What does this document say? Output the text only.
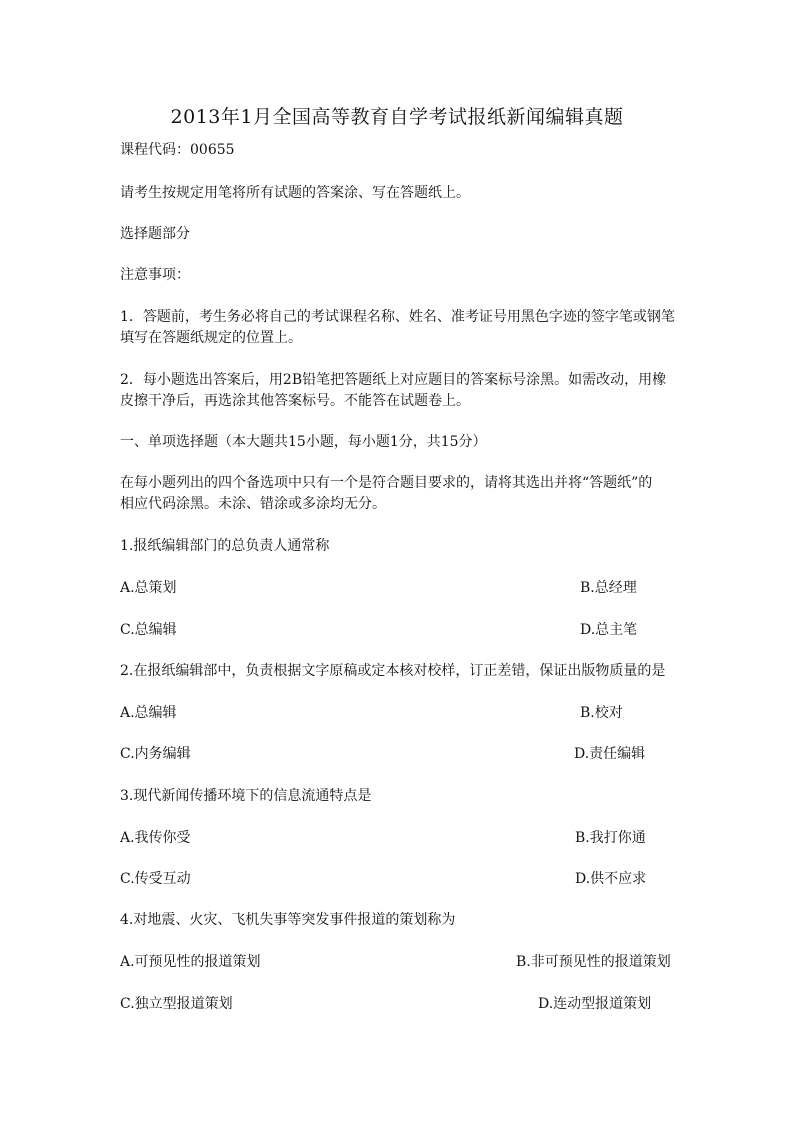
2013年1月全国高等教育自学考试报纸新闻编辑真题
课程代码：00655
请考生按规定用笔将所有试题的答案涂、写在答题纸上。
选择题部分
注意事项：
1．答题前，考生务必将自己的考试课程名称、姓名、准考证号用黑色字迹的签字笔或钢笔
填写在答题纸规定的位置上。
2．每小题选出答案后，用2B铅笔把答题纸上对应题目的答案标号涂黑。如需改动，用橡
皮擦干净后，再选涂其他答案标号。不能答在试题卷上。
一、单项选择题（本大题共15小题，每小题1分，共15分）
在每小题列出的四个备选项中只有一个是符合题目要求的，请将其选出并将“答题纸”的
相应代码涂黑。未涂、错涂或多涂均无分。
1.报纸编辑部门的总负责人通常称
A.总策划	B.总经理
C.总编辑	D.总主笔
2.在报纸编辑部中，负责根据文字原稿或定本核对校样，订正差错，保证出版物质量的是
A.总编辑	B.校对
C.内务编辑	D.责任编辑
3.现代新闻传播环境下的信息流通特点是
A.我传你受	B.我打你通
C.传受互动	D.供不应求
4.对地震、火灾、飞机失事等突发事件报道的策划称为
A.可预见性的报道策划	B.非可预见性的报道策划
C.独立型报道策划	D.连动型报道策划
